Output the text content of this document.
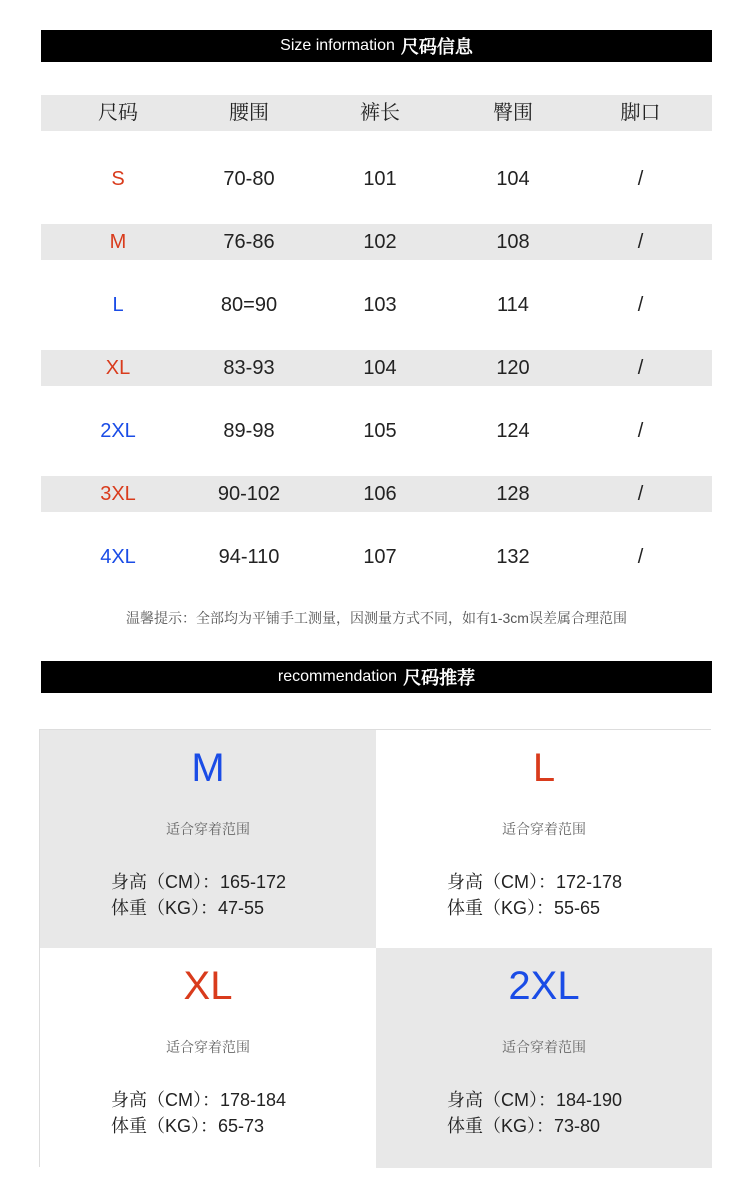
Size information 尺码信息
尺码	腰围	裤长	臀围	脚口
S	70-80	101	104	/
M	76-86	102	108	/
L	80=90	103	114	/
XL	83-93	104	120	/
2XL	89-98	105	124	/
3XL	90-102	106	128	/
4XL	94-110	107	132	/
温馨提示：全部均为平铺手工测量，因测量方式不同，如有1-3cm误差属合理范围
recommendation 尺码推荐
M
适合穿着范围
身高（CM）：165-172
体重（KG）：47-55
L
适合穿着范围
身高（CM）：172-178
体重（KG）：55-65
XL
适合穿着范围
身高（CM）：178-184
体重（KG）：65-73
2XL
适合穿着范围
身高（CM）：184-190
体重（KG）：73-80
